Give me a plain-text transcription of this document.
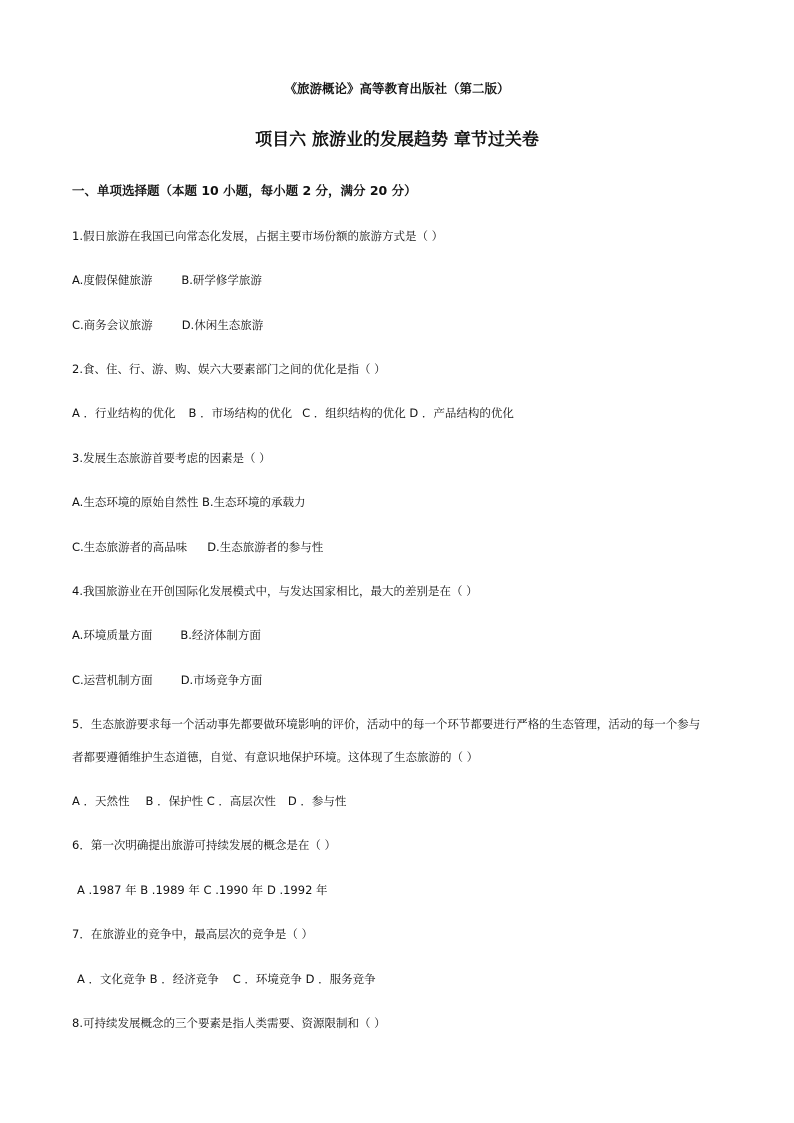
《旅游概论》高等教育出版社（第二版）
项目六 旅游业的发展趋势 章节过关卷
一、单项选择题（本题 10 小题，每小题 2 分，满分 20 分）
1.假日旅游在我国已向常态化发展，占据主要市场份额的旅游方式是（ ）
A.度假保健旅游	B.研学修学旅游
C.商务会议旅游	D.休闲生态旅游
2.食、住、行、游、购、娱六大要素部门之间的优化是指（ ）
A ．行业结构的优化 B ．市场结构的优化 C ．组织结构的优化 D ．产品结构的优化
3.发展生态旅游首要考虑的因素是（ ）
A.生态环境的原始自然性 B.生态环境的承载力
C.生态旅游者的高品味 D.生态旅游者的参与性
4.我国旅游业在开创国际化发展模式中，与发达国家相比，最大的差别是在（ ）
A.环境质量方面 B.经济体制方面
C.运营机制方面 D.市场竞争方面
5．生态旅游要求每一个活动事先都要做环境影响的评价，活动中的每一个环节都要进行严格的生态管理，活动的每一个参与
者都要遵循维护生态道德，自觉、有意识地保护环境。这体现了生态旅游的（ ）
A ．天然性 B ．保护性 C ．高层次性 D ．参与性
6．第一次明确提出旅游可持续发展的概念是在（ ）
A .1987 年 B .1989 年 C .1990 年 D .1992 年
7．在旅游业的竞争中，最高层次的竞争是（ ）
A ．文化竞争 B ．经济竞争 C ．环境竞争 D ．服务竞争
8.可持续发展概念的三个要素是指人类需要、资源限制和（ ）
